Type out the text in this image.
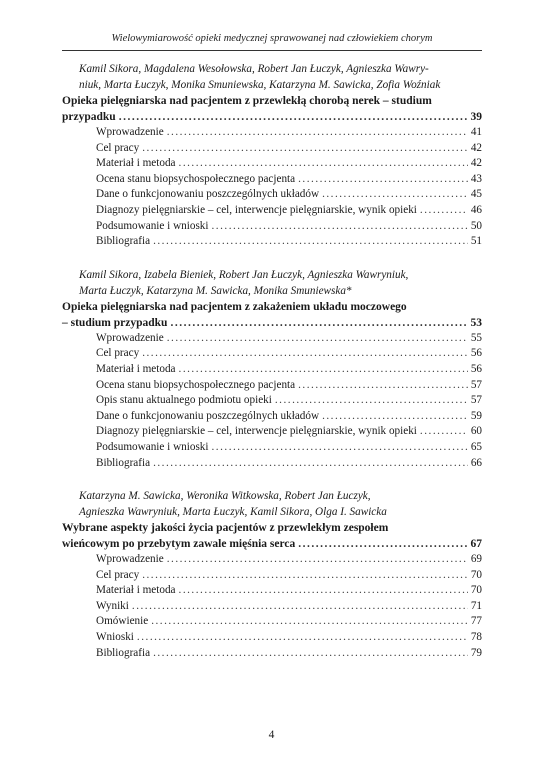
Wielowymiarowość opieki medycznej sprawowanej nad człowiekiem chorym
Kamil Sikora, Magdalena Wesołowska, Robert Jan Łuczyk, Agnieszka Wawry-
niuk, Marta Łuczyk, Monika Smuniewska, Katarzyna M. Sawicka, Zofia Woźniak
Opieka pielęgniarska nad pacjentem z przewlekłą chorobą nerek – studium
przypadku .....	39
Wprowadzenie .....	41
Cel pracy .....	42
Materiał i metoda .....	42
Ocena stanu biopsychospołecznego pacjenta .....	43
Dane o funkcjonowaniu poszczególnych układów .....	45
Diagnozy pielęgniarskie – cel, interwencje pielęgniarskie, wynik opieki .....	46
Podsumowanie i wnioski .....	50
Bibliografia .....	51
Kamil Sikora, Izabela Bieniek, Robert Jan Łuczyk, Agnieszka Wawryniuk,
Marta Łuczyk, Katarzyna M. Sawicka, Monika Smuniewska*
Opieka pielęgniarska nad pacjentem z zakażeniem układu moczowego
– studium przypadku .....	53
Wprowadzenie .....	55
Cel pracy .....	56
Materiał i metoda .....	56
Ocena stanu biopsychospołecznego pacjenta .....	57
Opis stanu aktualnego podmiotu opieki .....	57
Dane o funkcjonowaniu poszczególnych układów .....	59
Diagnozy pielęgniarskie – cel, interwencje pielęgniarskie, wynik opieki .....	60
Podsumowanie i wnioski .....	65
Bibliografia .....	66
Katarzyna M. Sawicka, Weronika Witkowska, Robert Jan Łuczyk,
Agnieszka Wawryniuk, Marta Łuczyk, Kamil Sikora, Olga I. Sawicka
Wybrane aspekty jakości życia pacjentów z przewlekłym zespołem
wieńcowym po przebytym zawale mięśnia serca .....	67
Wprowadzenie .....	69
Cel pracy .....	70
Materiał i metoda .....	70
Wyniki .....	71
Omówienie .....	77
Wnioski .....	78
Bibliografia .....	79
4
